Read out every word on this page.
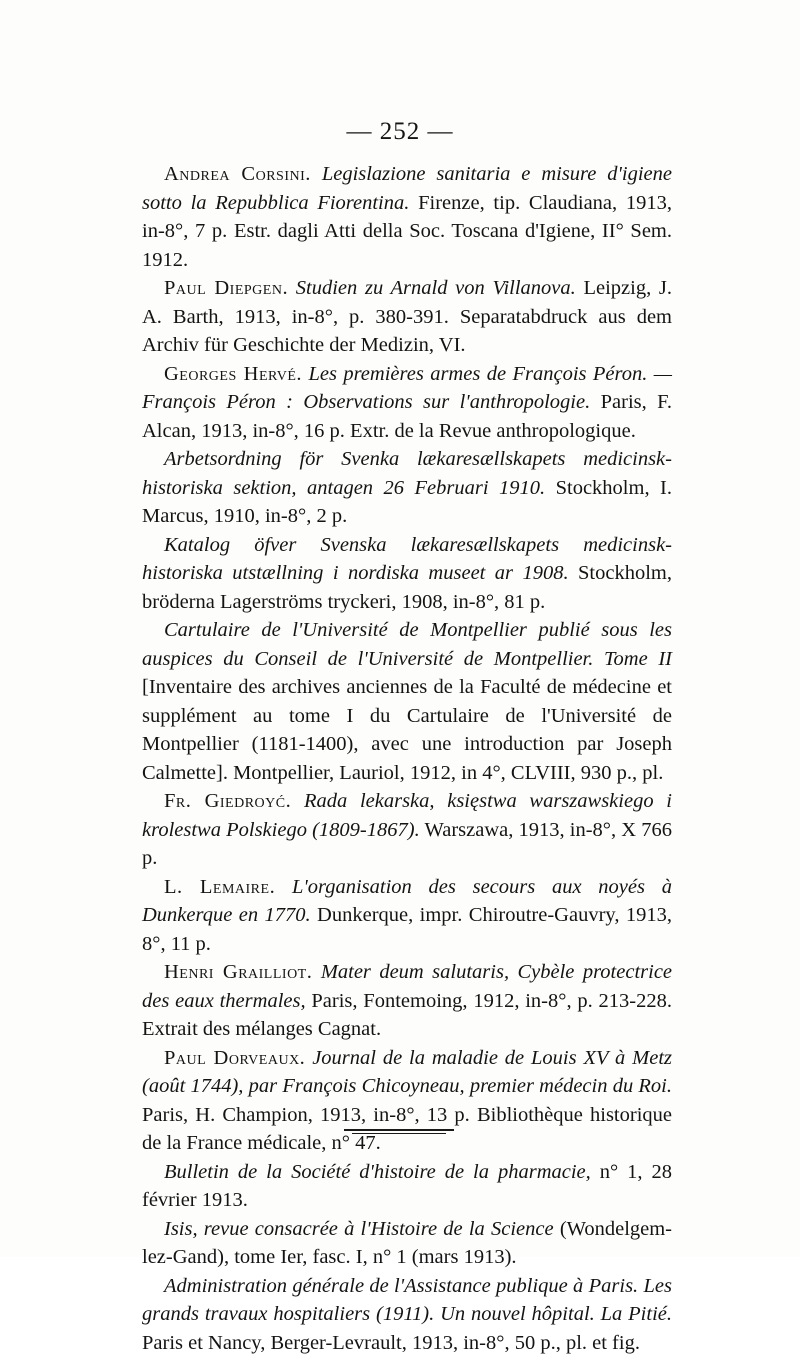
— 252 —

Andrea Corsini. Legislazione sanitaria e misure d'igiene sotto la Repubblica Fiorentina. Firenze, tip. Claudiana, 1913, in-8°, 7 p. Estr. dagli Atti della Soc. Toscana d'Igiene, II° Sem. 1912.

Paul Diepgen. Studien zu Arnald von Villanova. Leipzig, J. A. Barth, 1913, in-8°, p. 380-391. Separatabdruck aus dem Archiv für Geschichte der Medizin, VI.

Georges Hervé. Les premières armes de François Péron. — François Péron : Observations sur l'anthropologie. Paris, F. Alcan, 1913, in-8°, 16 p. Extr. de la Revue anthropologique.

Arbetsordning för Svenka lækaresællskapets medicinsk-historiska sektion, antagen 26 Februari 1910. Stockholm, I. Marcus, 1910, in-8°, 2 p.

Katalog öfver Svenska lækaresællskapets medicinsk-historiska utstællning i nordiska museet ar 1908. Stockholm, bröderna Lagerströms tryckeri, 1908, in-8°, 81 p.

Cartulaire de l'Université de Montpellier publié sous les auspices du Conseil de l'Université de Montpellier. Tome II [Inventaire des archives anciennes de la Faculté de médecine et supplément au tome I du Cartulaire de l'Université de Montpellier (1181-1400), avec une introduction par Joseph Calmette]. Montpellier, Lauriol, 1912, in 4°, CLVIII, 930 p., pl.

Fr. Giedroyć. Rada lekarska, księstwa warszawskiego i krolestwa Polskiego (1809-1867). Warszawa, 1913, in-8°, X 766 p.

L. Lemaire. L'organisation des secours aux noyés à Dunkerque en 1770. Dunkerque, impr. Chiroutre-Gauvry, 1913, 8°, 11 p.

Henri Grailliot. Mater deum salutaris, Cybèle protectrice des eaux thermales, Paris, Fontemoing, 1912, in-8°, p. 213-228. Extrait des mélanges Cagnat.

Paul Dorveaux. Journal de la maladie de Louis XV à Metz (août 1744), par François Chicoyneau, premier médecin du Roi. Paris, H. Champion, 1913, in-8°, 13 p. Bibliothèque historique de la France médicale, n° 47.

Bulletin de la Société d'histoire de la pharmacie, n° 1, 28 février 1913.

Isis, revue consacrée à l'Histoire de la Science (Wondelgem-lez-Gand), tome Ier, fasc. I, n° 1 (mars 1913).

Administration générale de l'Assistance publique à Paris. Les grands travaux hospitaliers (1911). Un nouvel hôpital. La Pitié. Paris et Nancy, Berger-Levrault, 1913, in-8°, 50 p., pl. et fig.
